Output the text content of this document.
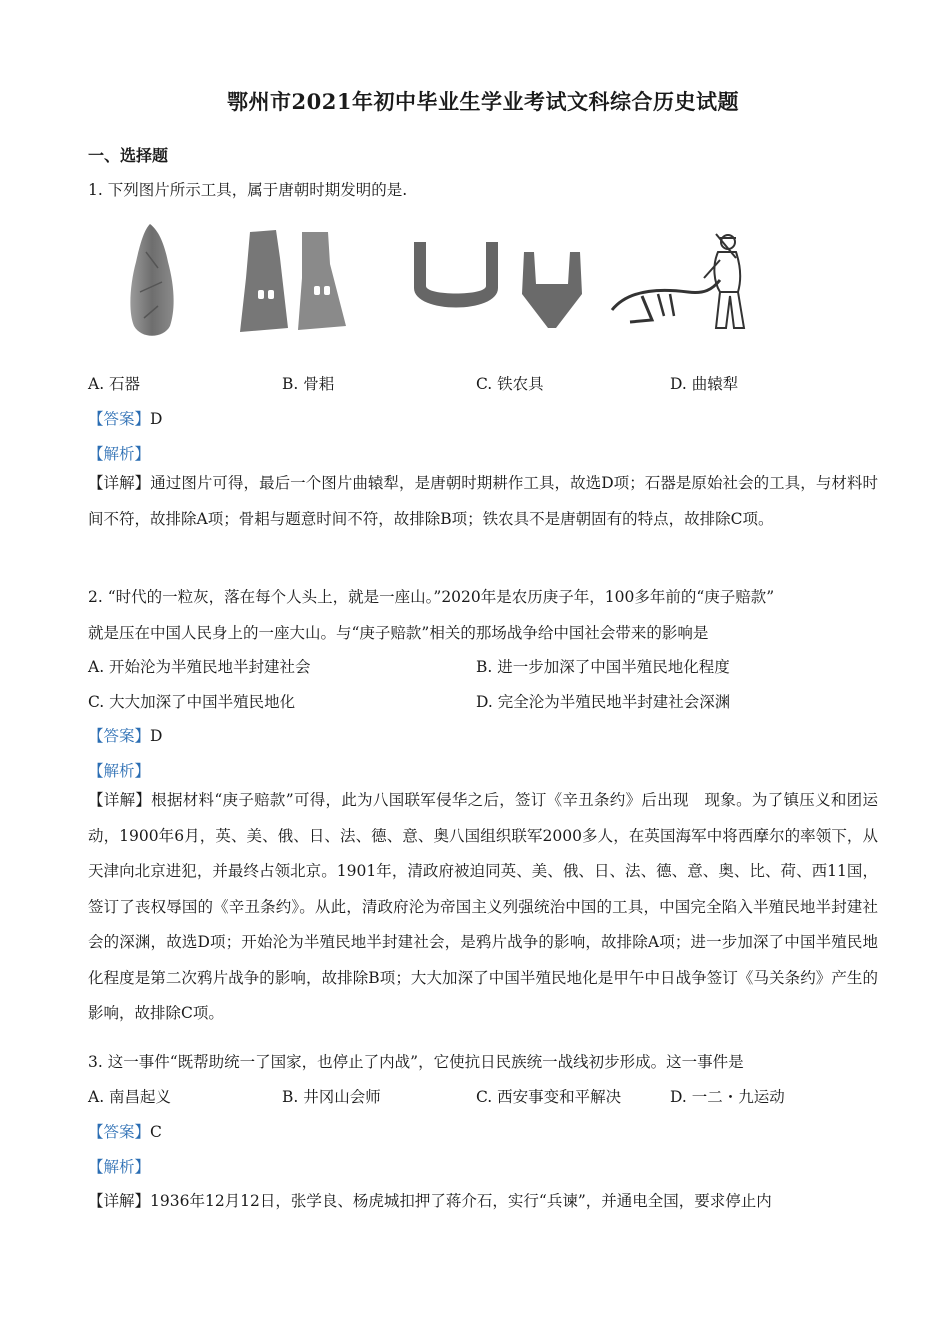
鄂州市2021年初中毕业生学业考试文科综合历史试题
一、选择题
1. 下列图片所示工具，属于唐朝时期发明的是.
A. 石器	B. 骨耜	C. 铁农具	D. 曲辕犁
【答案】D
【解析】
【详解】通过图片可得，最后一个图片曲辕犁，是唐朝时期耕作工具，故选D项；石器是原始社会的工具，与材料时间不符，故排除A项；骨耜与题意时间不符，故排除B项；铁农具不是唐朝固有的特点，故排除C项。
2. “时代的一粒灰，落在每个人头上，就是一座山。”2020年是农历庚子年，100多年前的“庚子赔款”
就是压在中国人民身上的一座大山。与“庚子赔款”相关的那场战争给中国社会带来的影响是
A. 开始沦为半殖民地半封建社会	B. 进一步加深了中国半殖民地化程度
C. 大大加深了中国半殖民地化	D. 完全沦为半殖民地半封建社会深渊
【答案】D
【解析】
【详解】根据材料“庚子赔款”可得，此为八国联军侵华之后，签订《辛丑条约》后出现　现象。为了镇压义和团运动，1900年6月，英、美、俄、日、法、德、意、奥八国组织联军2000多人，在英国海军中将西摩尔的率领下，从天津向北京进犯，并最终占领北京。1901年，清政府被迫同英、美、俄、日、法、德、意、奥、比、荷、西11国，签订了丧权辱国的《辛丑条约》。从此，清政府沦为帝国主义列强统治中国的工具，中国完全陷入半殖民地半封建社会的深渊，故选D项；开始沦为半殖民地半封建社会，是鸦片战争的影响，故排除A项；进一步加深了中国半殖民地化程度是第二次鸦片战争的影响，故排除B项；大大加深了中国半殖民地化是甲午中日战争签订《马关条约》产生的影响，故排除C项。
3. 这一事件“既帮助统一了国家，也停止了内战”，它使抗日民族统一战线初步形成。这一事件是
A. 南昌起义	B. 井冈山会师	C. 西安事变和平解决	D. 一二・九运动
【答案】C
【解析】
【详解】1936年12月12日，张学良、杨虎城扣押了蒋介石，实行“兵谏”，并通电全国，要求停止内
